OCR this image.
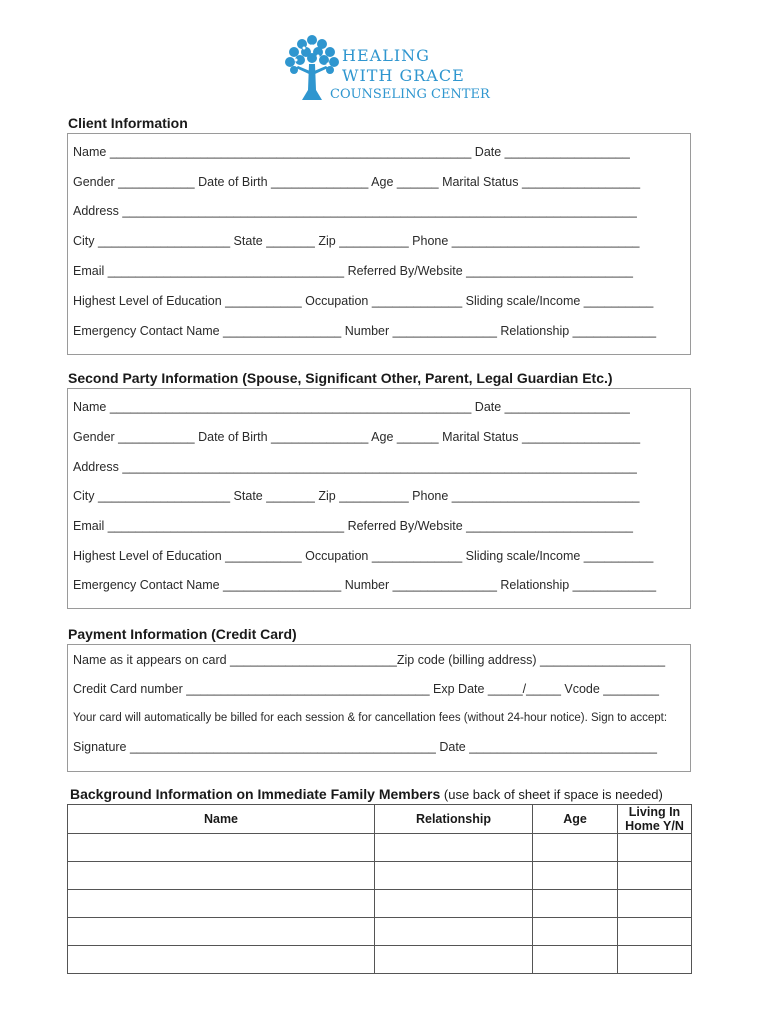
HEALING
WITH GRACE
COUNSELING CENTER
Client Information
Name ____________________________________________________ Date __________________
Gender ___________ Date of Birth ______________ Age ______ Marital Status _________________
Address __________________________________________________________________________
City ___________________ State _______ Zip __________ Phone ___________________________
Email __________________________________ Referred By/Website ________________________
Highest Level of Education ___________ Occupation _____________ Sliding scale/Income __________
Emergency Contact Name _________________ Number _______________ Relationship ____________
Second Party Information (Spouse, Significant Other, Parent, Legal Guardian Etc.)
Name ____________________________________________________ Date __________________
Gender ___________ Date of Birth ______________ Age ______ Marital Status _________________
Address __________________________________________________________________________
City ___________________ State _______ Zip __________ Phone ___________________________
Email __________________________________ Referred By/Website ________________________
Highest Level of Education ___________ Occupation _____________ Sliding scale/Income __________
Emergency Contact Name _________________ Number _______________ Relationship ____________
Payment Information (Credit Card)
Name as it appears on card ________________________Zip code (billing address) __________________
Credit Card number ___________________________________ Exp Date _____/_____ Vcode ________
Your card will automatically be billed for each session & for cancellation fees (without 24-hour notice). Sign to accept:
Signature ____________________________________________ Date ___________________________
Background Information on Immediate Family Members (use back of sheet if space is needed)
Name	Relationship	Age	Living In
Home Y/N
